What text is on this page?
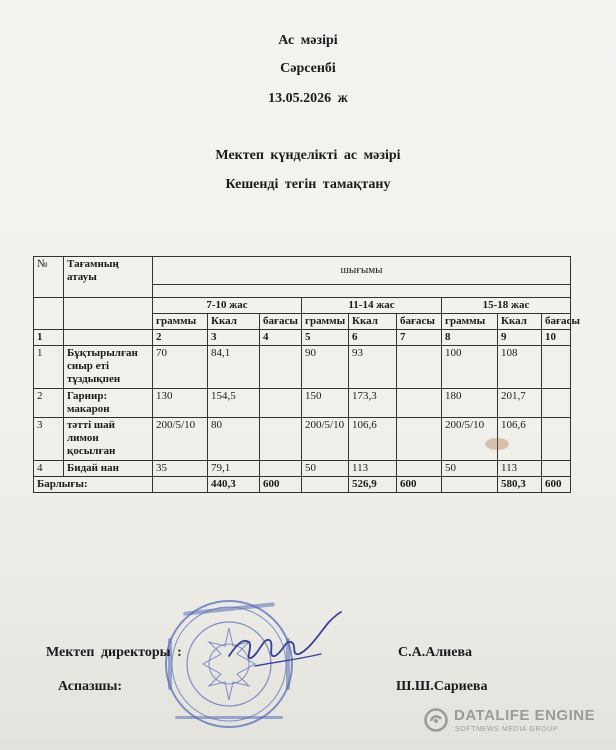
Ас мәзірі
Сәрсенбі
13.05.2026 ж
Мектеп күнделікті ас мәзірі
Кешенді тегін тамақтану
№	Тағамның атауы	шығымы								

		7-10 жас			11-14 жас			15-18 жас		
		граммы	Ккал	бағасы	граммы	Ккал	бағасы	граммы	Ккал	бағасы
1		2	3	4	5	6	7	8	9	10
1	Бұқтырылған сиыр еті тұздықпен	70	84,1		90	93		100	108	
2	Гарнир: макарон	130	154,5		150	173,3		180	201,7	
3	тәтті шай лимон қосылған	200/5/10	80		200/5/10	106,6		200/5/10	106,6	
4	Бидай нан	35	79,1		50	113		50	113	
Барлығы:			440,3	600		526,9	600		580,3	600
Мектеп директоры :	С.А.Алиева
Аспазшы:	Ш.Ш.Сариева
DATALIFE ENGINE
SOFTNEWS MEDIA GROUP
